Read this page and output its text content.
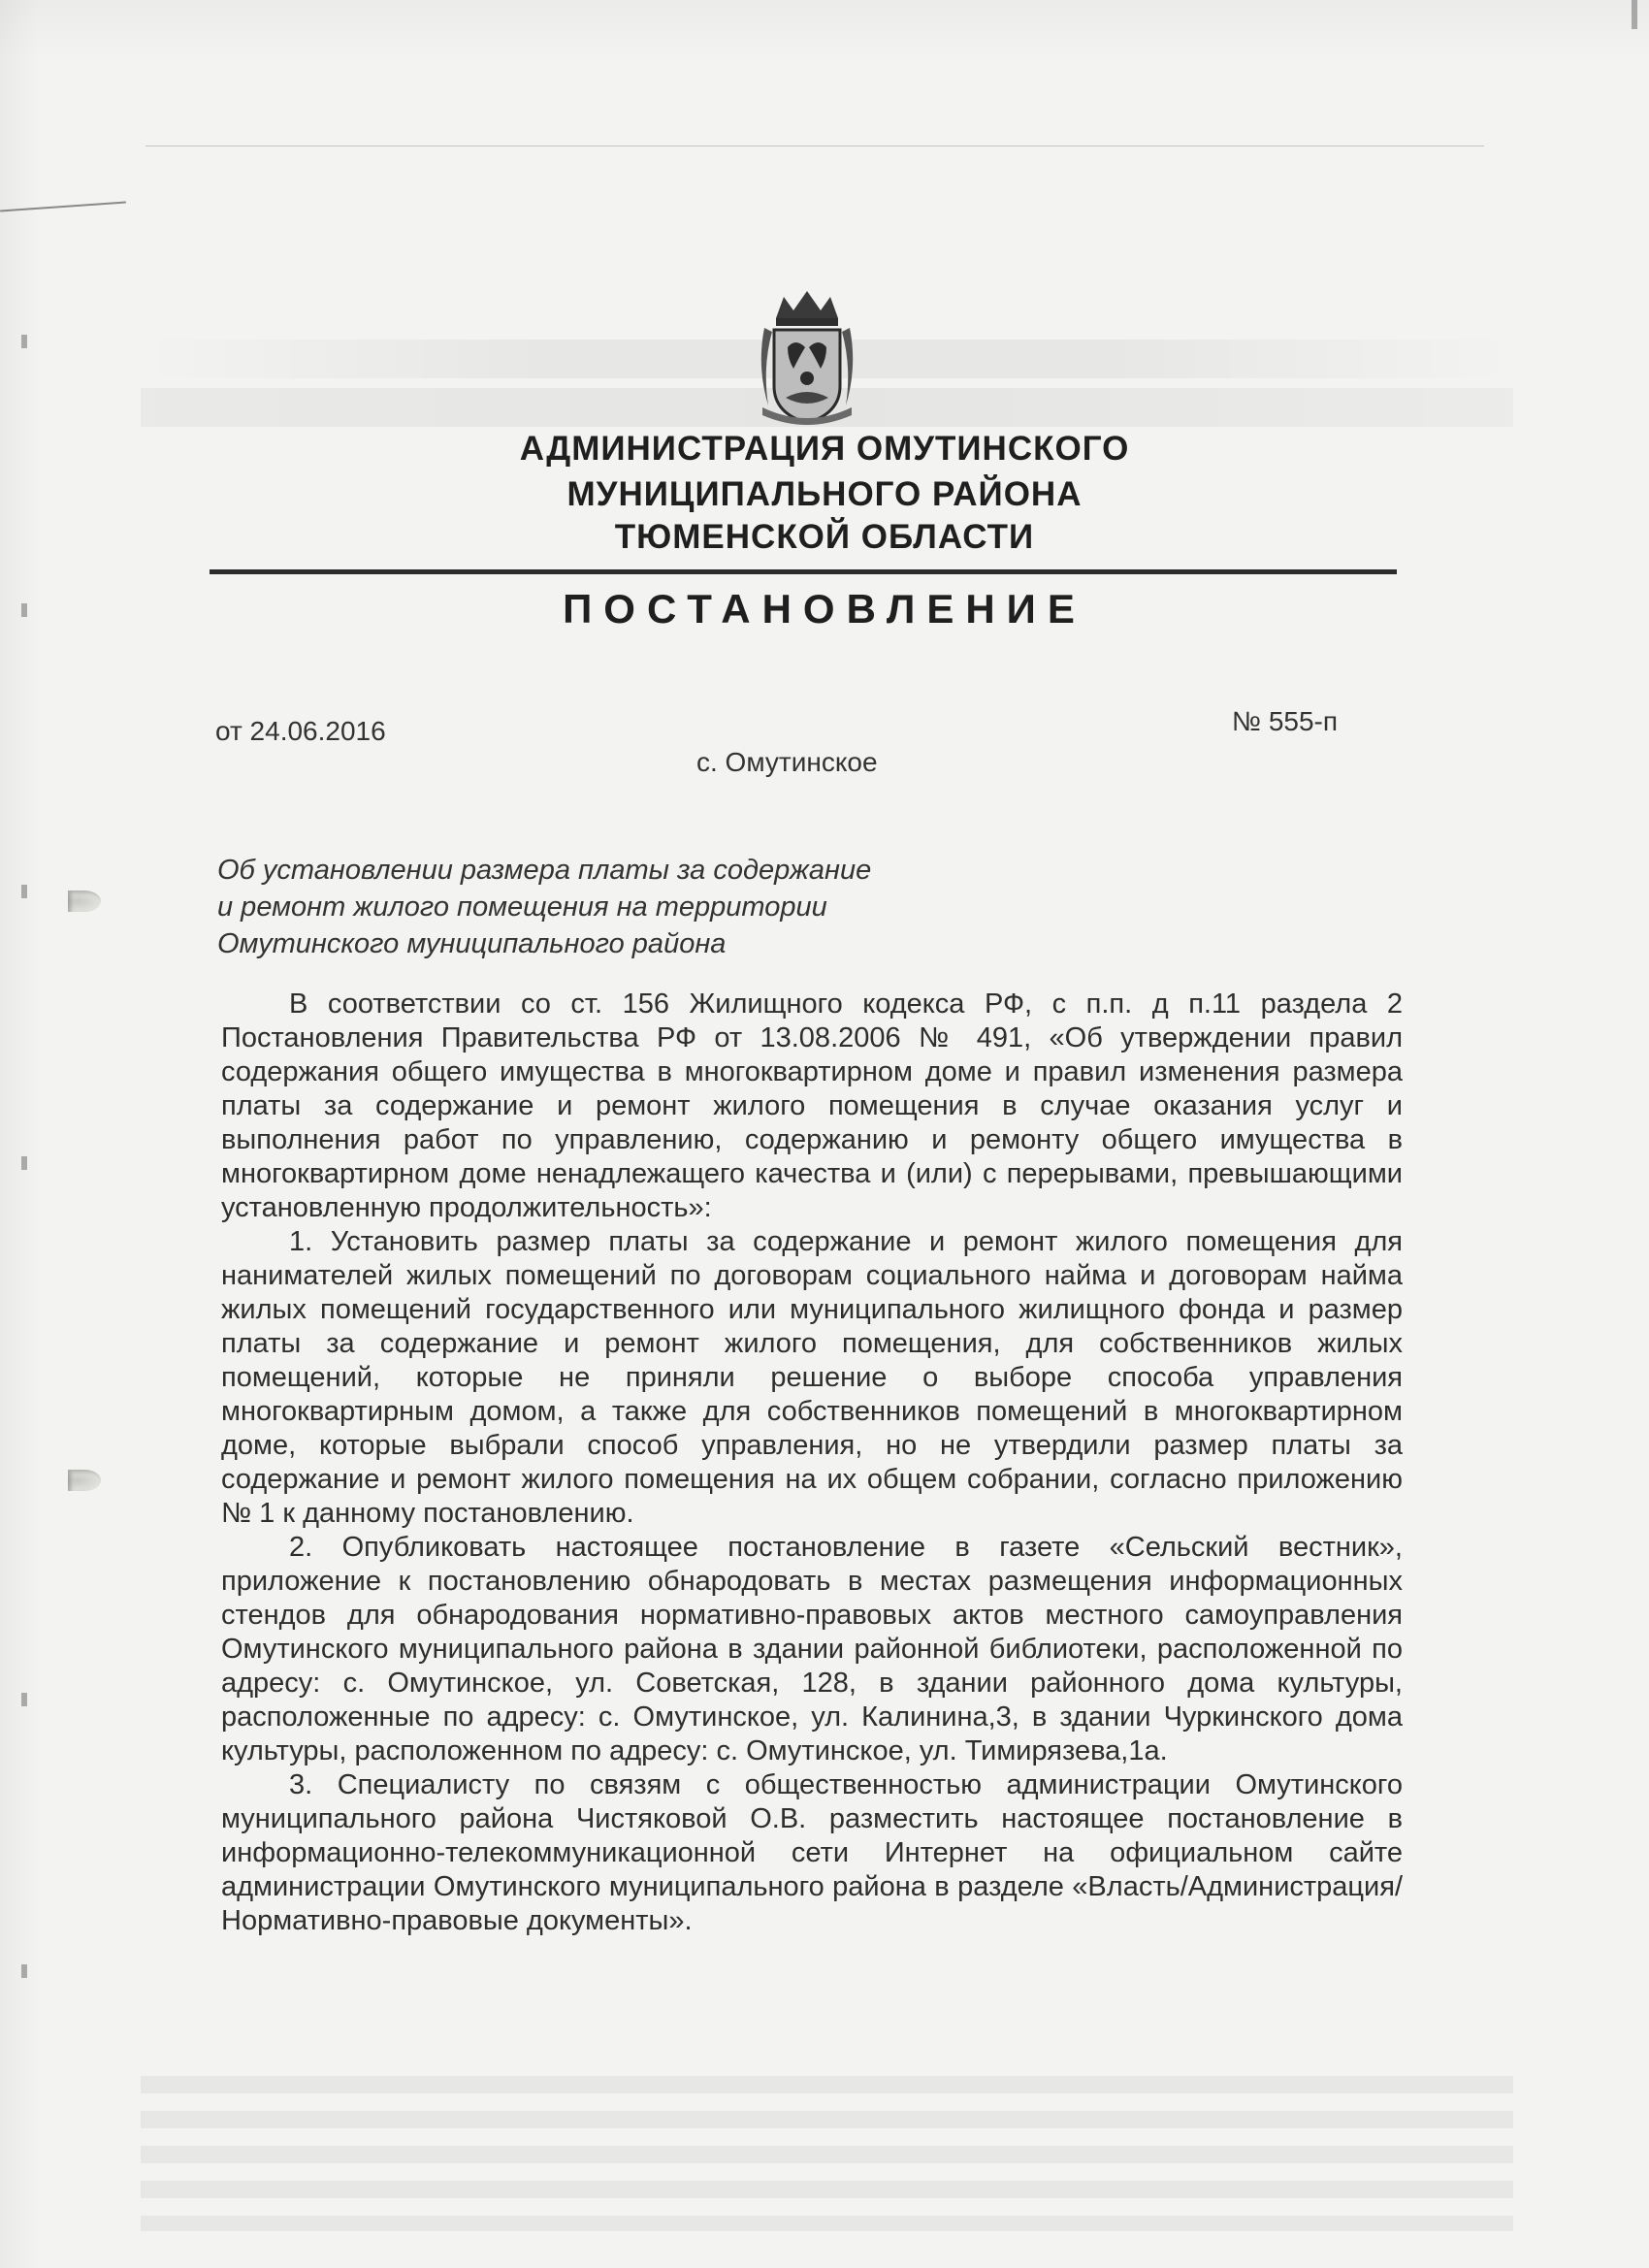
АДМИНИСТРАЦИЯ ОМУТИНСКОГО
МУНИЦИПАЛЬНОГО РАЙОНА
ТЮМЕНСКОЙ ОБЛАСТИ
ПОСТАНОВЛЕНИЕ
от 24.06.2016	№ 555-п
с. Омутинское
Об установлении размера платы за содержание
и ремонт жилого помещения на территории
Омутинского муниципального района

В соответствии со ст. 156 Жилищного кодекса РФ, с п.п. д п.11 раздела 2 Постановления Правительства РФ от 13.08.2006 № 491, «Об утверждении правил содержания общего имущества в многоквартирном доме и правил изменения размера платы за содержание и ремонт жилого помещения в случае оказания услуг и выполнения работ по управлению, содержанию и ремонту общего имущества в многоквартирном доме ненадлежащего качества и (или) с перерывами, превышающими установленную продолжительность»:

1. Установить размер платы за содержание и ремонт жилого помещения для нанимателей жилых помещений по договорам социального найма и договорам найма жилых помещений государственного или муниципального жилищного фонда и размер платы за содержание и ремонт жилого помещения, для собственников жилых помещений, которые не приняли решение о выборе способа управления многоквартирным домом, а также для собственников помещений в многоквартирном доме, которые выбрали способ управления, но не утвердили размер платы за содержание и ремонт жилого помещения на их общем собрании, согласно приложению № 1 к данному постановлению.

2. Опубликовать настоящее постановление в газете «Сельский вестник», приложение к постановлению обнародовать в местах размещения информационных стендов для обнародования нормативно-правовых актов местного самоуправления Омутинского муниципального района в здании районной библиотеки, расположенной по адресу: с. Омутинское, ул. Советская, 128, в здании районного дома культуры, расположенные по адресу: с. Омутинское, ул. Калинина,3, в здании Чуркинского дома культуры, расположенном по адресу: с. Омутинское, ул. Тимирязева,1а.

3. Специалисту по связям с общественностью администрации Омутинского муниципального района Чистяковой О.В. разместить настоящее постановление в информационно-телекоммуникационной сети Интернет на официальном сайте администрации Омутинского муниципального района в разделе «Власть/Администрация/Нормативно-правовые документы».
